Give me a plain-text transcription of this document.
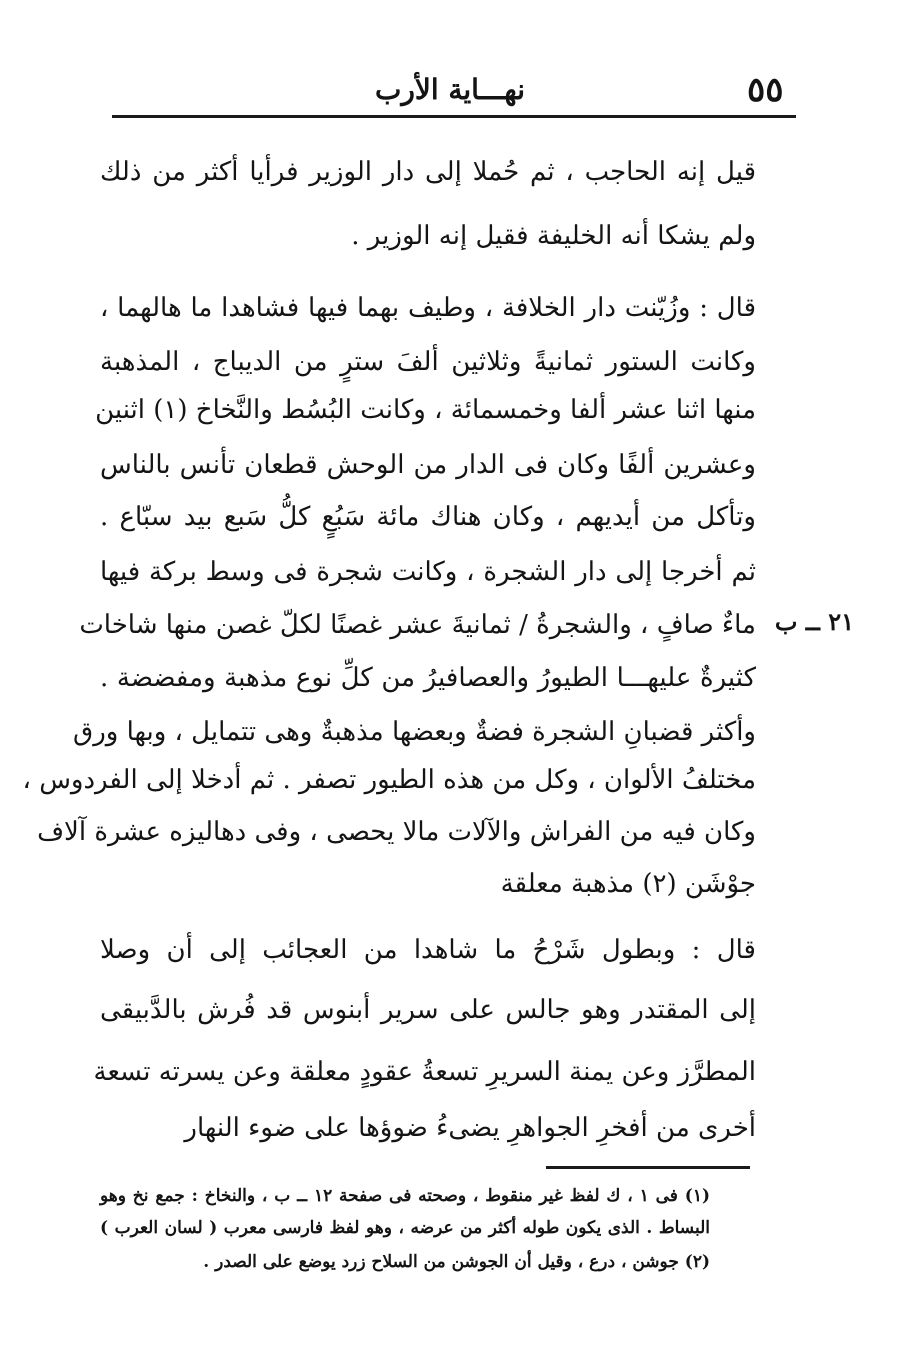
٥٥
نهـــاية الأرب
قيل إنه الحاجب ، ثم حُملا إلى دار الوزير فرأيا أكثر من ذلك
ولم يشكا أنه الخليفة فقيل إنه الوزير .
قال : وزُيّنت دار الخلافة ، وطيف بهما فيها فشاهدا ما هالهما ،
وكانت الستور ثمانيةً وثلاثين ألفَ سترٍ من الديباج ، المذهبة
منها اثنا عشر ألفا وخمسمائة ، وكانت البُسُط والنَّخاخ (١) اثنين
وعشرين ألفًا وكان فى الدار من الوحش قطعان تأنس بالناس
وتأكل من أيديهم ، وكان هناك مائة سَبُعٍ كلُّ سَبع بيد سبّاع .
ثم أخرجا إلى دار الشجرة ، وكانت شجرة فى وسط بركة فيها
ماءٌ صافٍ ، والشجرةُ / ثمانيةَ عشر غصنًا لكلّ غصن منها شاخات
كثيرةٌ عليهـــا الطيورُ والعصافيرُ من كلِّ نوع مذهبة ومفضضة .
وأكثر قضبانِ الشجرة فضةٌ وبعضها مذهبةٌ وهى تتمايل ، وبها ورق
مختلفُ الألوان ، وكل من هذه الطيور تصفر . ثم أدخلا إلى الفردوس ،
وكان فيه من الفراش والآلات مالا يحصى ، وفى دهاليزه عشرة آلاف
جوْشَن (٢) مذهبة معلقة
قال : وبطول شَرْحُ ما شاهدا من العجائب إلى أن وصلا
إلى المقتدر وهو جالس على سرير أبنوس قد فُرش بالدَّبيقى
المطرَّز وعن يمنة السريرِ تسعةُ عقودٍ معلقة وعن يسرته تسعة
أخرى من أفخرِ الجواهرِ يضىءُ ضوؤها على ضوء النهار
٢١ ــ ب
(١) فى ١ ، ك لفظ غير منقوط ، وصحته فى صفحة ١٢ ــ ب ، والنخاخ : جمع نخ وهو
البساط . الذى يكون طوله أكثر من عرضه ، وهو لفظ فارسى معرب ( لسان العرب )
(٢) جوشن ، درع ، وقيل أن الجوشن من السلاح زرد يوضع على الصدر .
